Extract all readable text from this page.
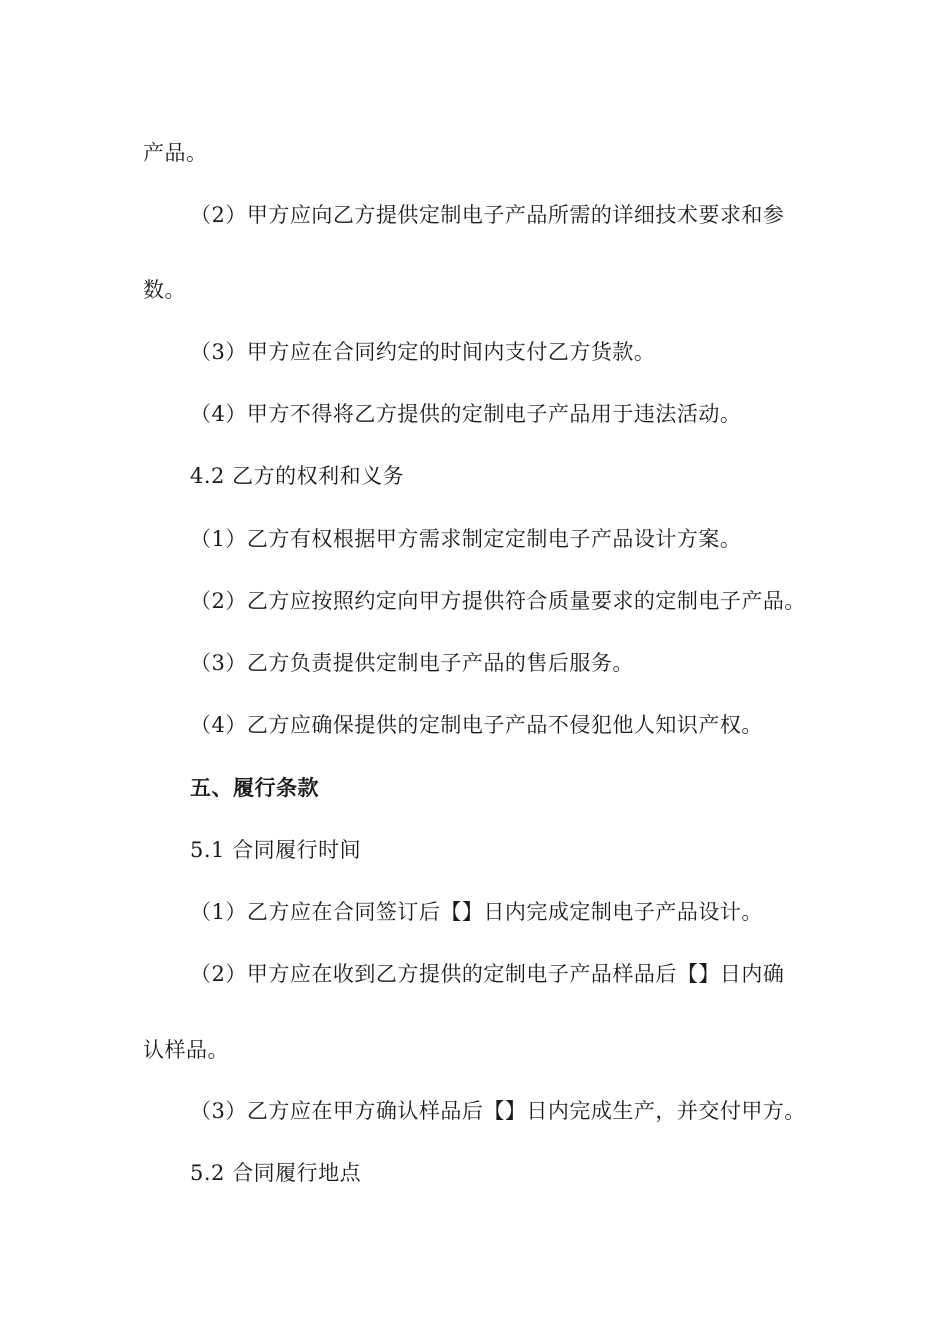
产品。
（2）甲方应向乙方提供定制电子产品所需的详细技术要求和参
数。
（3）甲方应在合同约定的时间内支付乙方货款。
（4）甲方不得将乙方提供的定制电子产品用于违法活动。
4.2 乙方的权利和义务
（1）乙方有权根据甲方需求制定定制电子产品设计方案。
（2）乙方应按照约定向甲方提供符合质量要求的定制电子产品。
（3）乙方负责提供定制电子产品的售后服务。
（4）乙方应确保提供的定制电子产品不侵犯他人知识产权。
五、履行条款
5.1 合同履行时间
（1）乙方应在合同签订后【】日内完成定制电子产品设计。
（2）甲方应在收到乙方提供的定制电子产品样品后【】日内确
认样品。
（3）乙方应在甲方确认样品后【】日内完成生产，并交付甲方。
5.2 合同履行地点
